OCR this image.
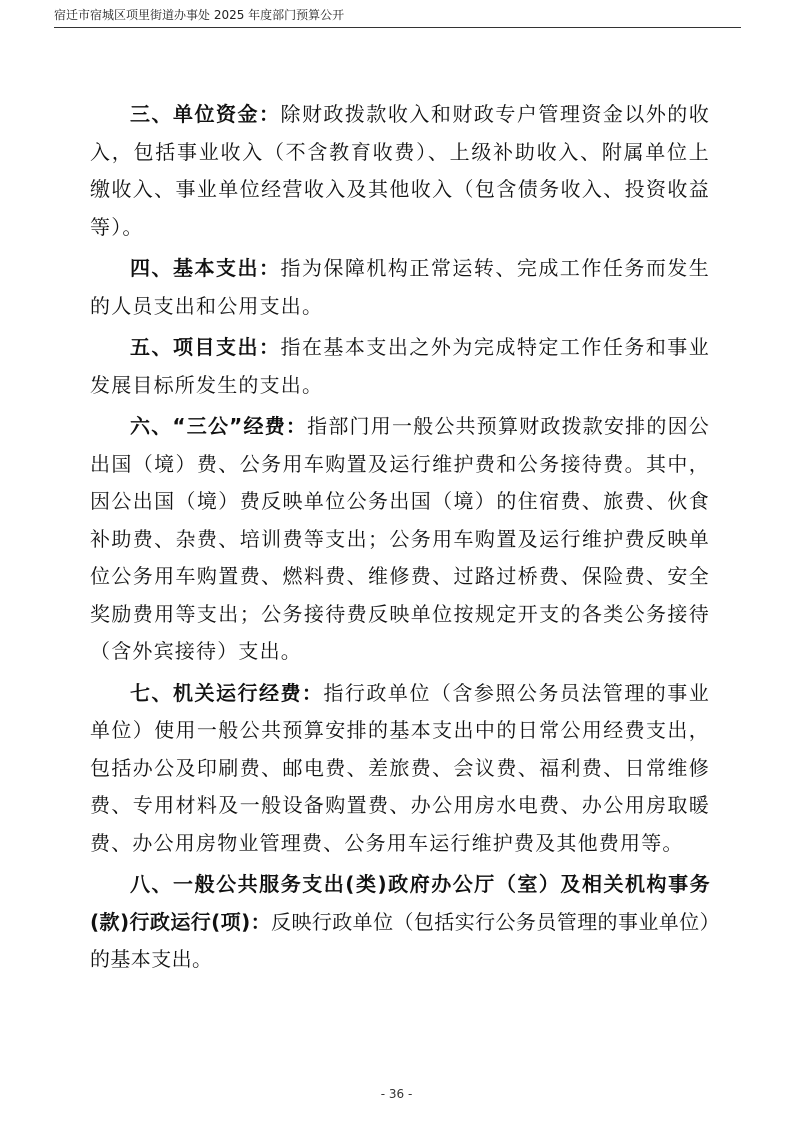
宿迁市宿城区项里街道办事处 2025 年度部门预算公开

三、单位资金：除财政拨款收入和财政专户管理资金以外的收入，包括事业收入（不含教育收费）、上级补助收入、附属单位上缴收入、事业单位经营收入及其他收入（包含债务收入、投资收益等）。

四、基本支出：指为保障机构正常运转、完成工作任务而发生的人员支出和公用支出。

五、项目支出：指在基本支出之外为完成特定工作任务和事业发展目标所发生的支出。

六、“三公”经费：指部门用一般公共预算财政拨款安排的因公出国（境）费、公务用车购置及运行维护费和公务接待费。其中，因公出国（境）费反映单位公务出国（境）的住宿费、旅费、伙食补助费、杂费、培训费等支出；公务用车购置及运行维护费反映单位公务用车购置费、燃料费、维修费、过路过桥费、保险费、安全奖励费用等支出；公务接待费反映单位按规定开支的各类公务接待（含外宾接待）支出。

七、机关运行经费：指行政单位（含参照公务员法管理的事业单位）使用一般公共预算安排的基本支出中的日常公用经费支出，包括办公及印刷费、邮电费、差旅费、会议费、福利费、日常维修费、专用材料及一般设备购置费、办公用房水电费、办公用房取暖费、办公用房物业管理费、公务用车运行维护费及其他费用等。

八、一般公共服务支出(类)政府办公厅（室）及相关机构事务(款)行政运行(项)：反映行政单位（包括实行公务员管理的事业单位）的基本支出。

- 36 -
